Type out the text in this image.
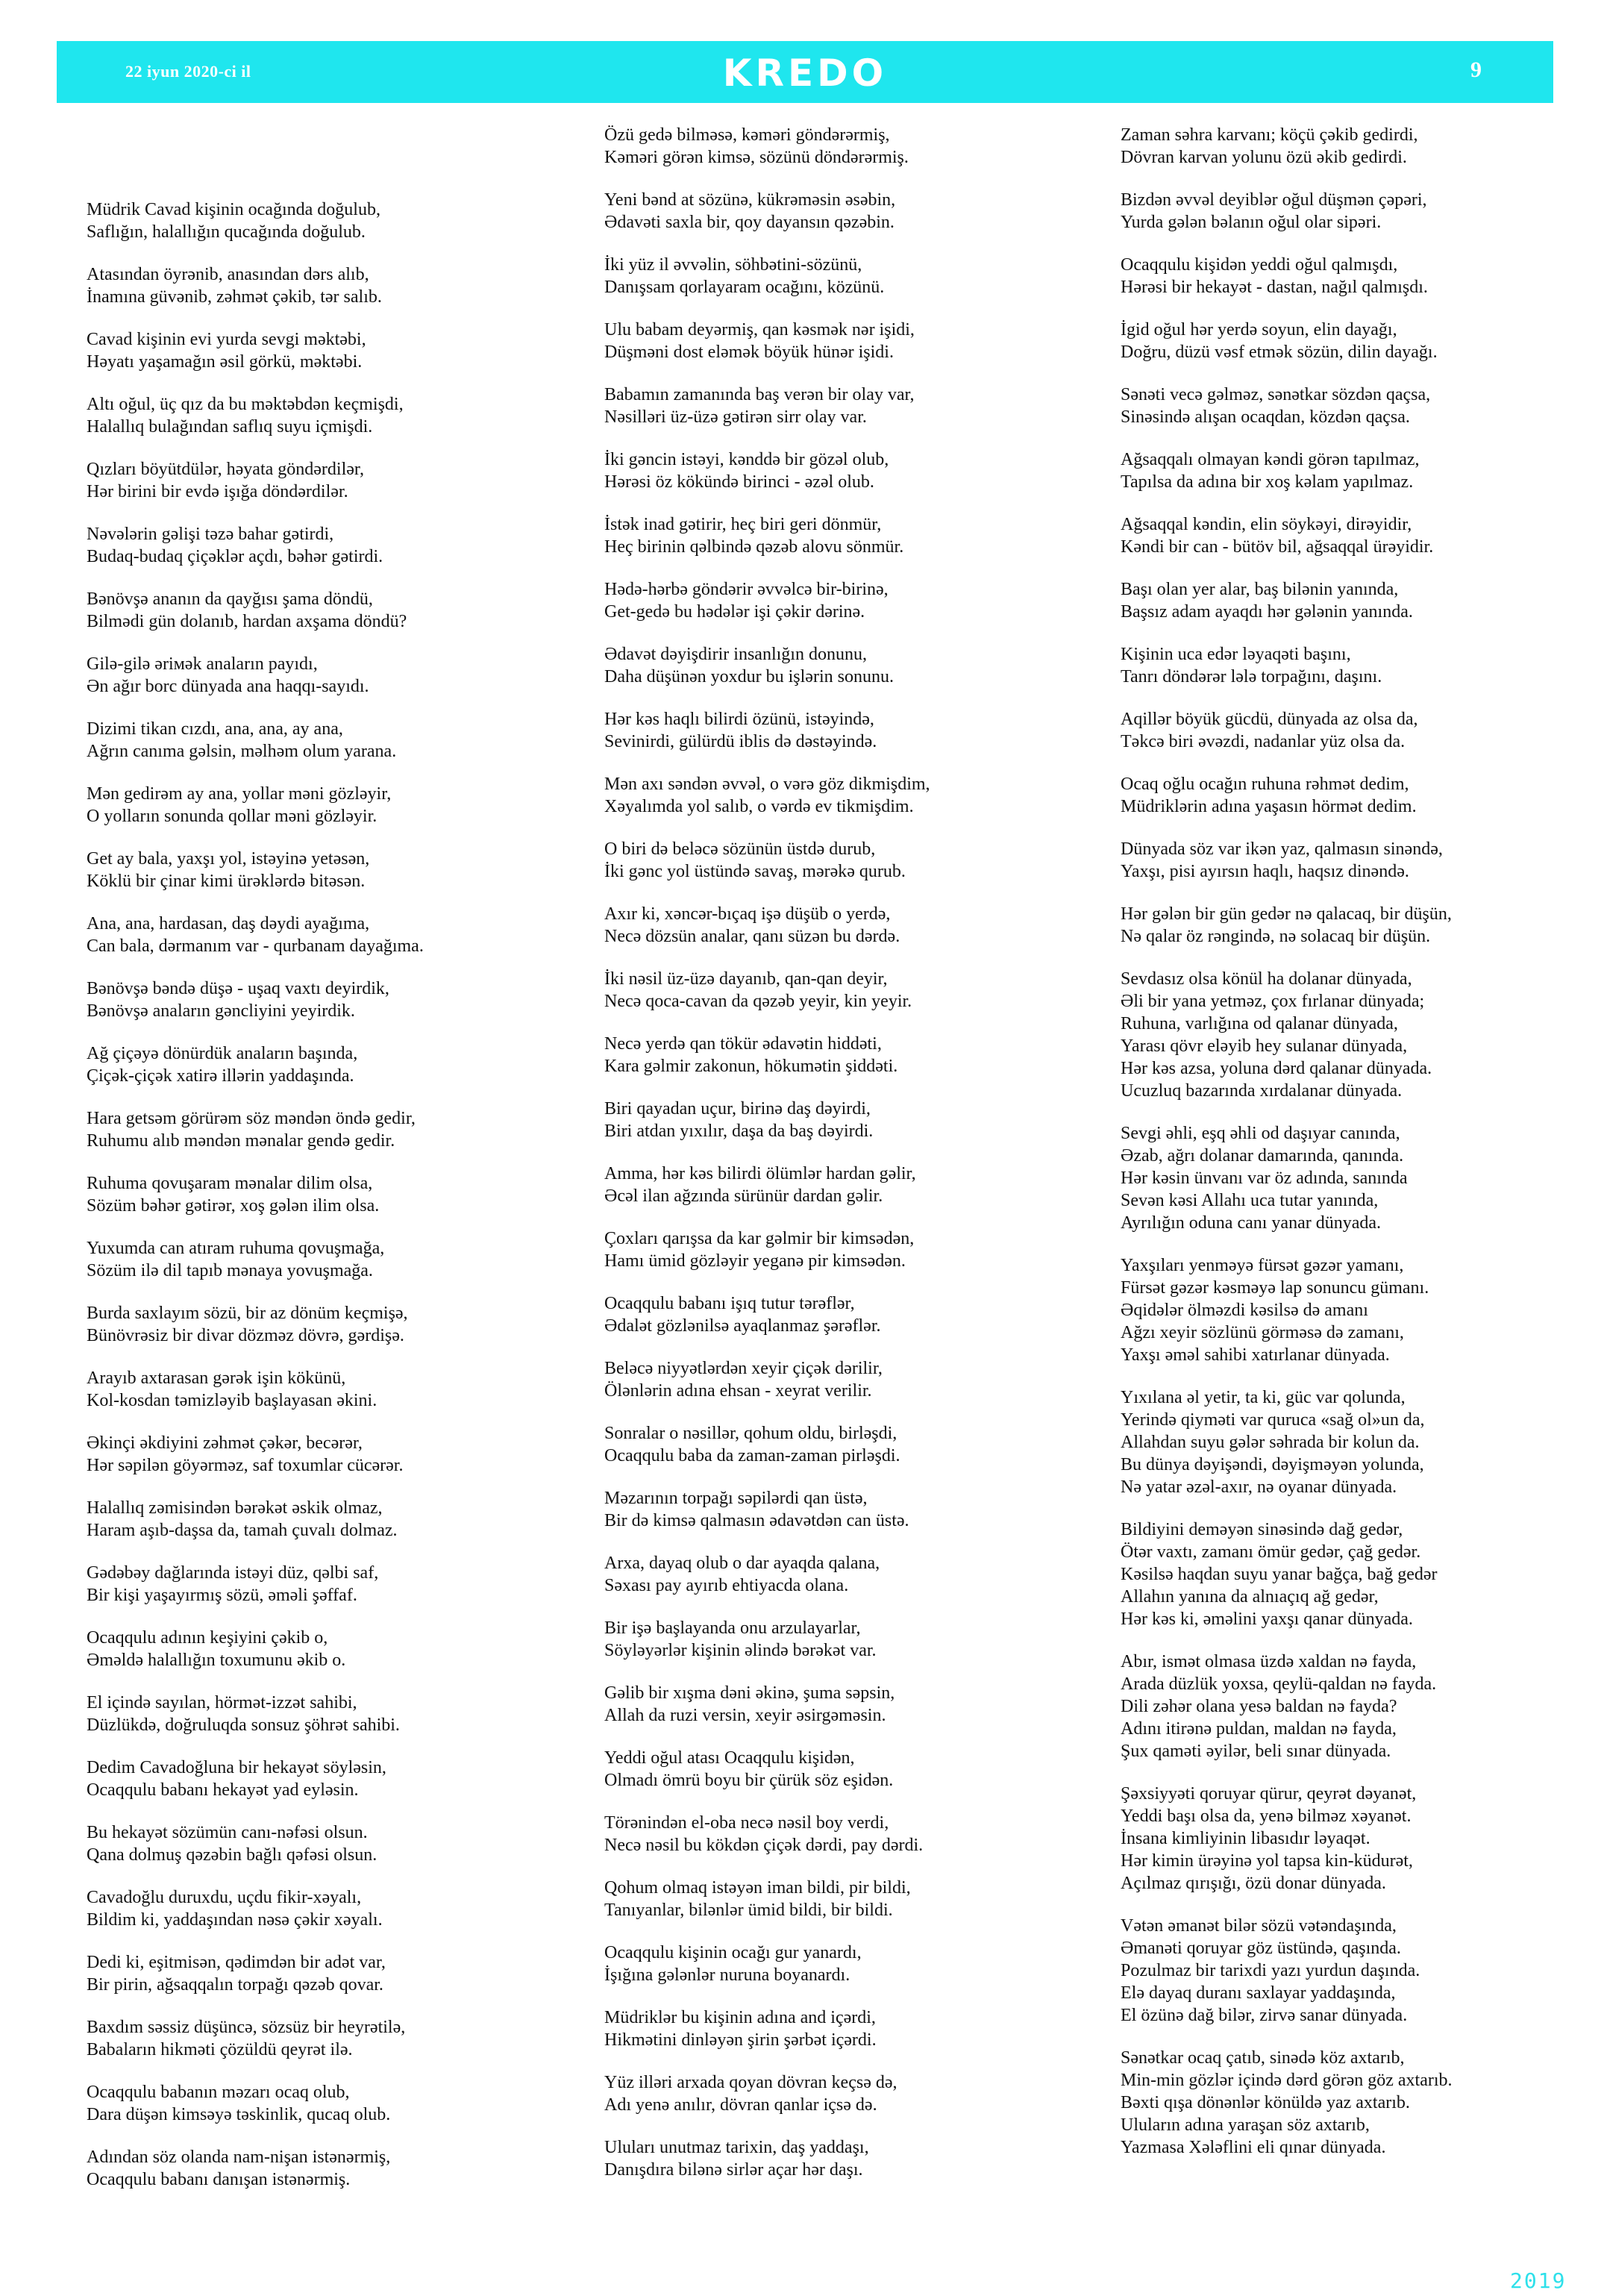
22 iyun 2020-ci il	KREDO	9
Müdrik Cavad kişinin ocağında doğulub,
Saflığın, halallığın qucağında doğulub.
Atasından öyrənib, anasından dərs alıb,
İnamına güvənib, zəhmət çəkib, tər salıb.
Cavad kişinin evi yurda sevgi məktəbi,
Həyatı yaşamağın əsil görkü, məktəbi.
Altı oğul, üç qız da bu məktəbdən keçmişdi,
Halallıq bulağından saflıq suyu içmişdi.
Qızları böyütdülər, həyata göndərdilər,
Hər birini bir evdə işığa döndərdilər.
Nəvələrin gəlişi təzə bahar gətirdi,
Budaq-budaq çiçəklər açdı, bəhər gətirdi.
Bənövşə ananın da qayğısı şama döndü,
Bilmədi gün dolanıb, hardan axşama döndü?
Gilə-gilə əriмək anaların payıdı,
Ən ağır borc dünyada ana haqqı-sayıdı.
Dizimi tikan cızdı, ana, ana, ay ana,
Ağrın canıma gəlsin, məlhəm olum yarana.
Mən gedirəm ay ana, yollar məni gözləyir,
O yolların sonunda qollar məni gözləyir.
Get ay bala, yaxşı yol, istəyinə yetəsən,
Köklü bir çinar kimi ürəklərdə bitəsən.
Ana, ana, hardasan, daş dəydi ayağıma,
Can bala, dərmanım var - qurbanam dayağıma.
Bənövşə bəndə düşə - uşaq vaxtı deyirdik,
Bənövşə anaların gəncliyini yeyirdik.
Ağ çiçəyə dönürdük anaların başında,
Çiçək-çiçək xatirə illərin yaddaşında.
Hara getsəm görürəm söz məndən öndə gedir,
Ruhumu alıb məndən mənalar gendə gedir.
Ruhuma qovuşaram mənalar dilim olsa,
Sözüm bəhər gətirər, xoş gələn ilim olsa.
Yuxumda can atıram ruhuma qovuşmağa,
Sözüm ilə dil tapıb mənaya yovuşmağa.
Burda saxlayım sözü, bir az dönüm keçmişə,
Bünövrəsiz bir divar dözməz dövrə, gərdişə.
Arayıb axtarasan gərək işin kökünü,
Kol-kosdan təmizləyib başlayasan əkini.
Əkinçi əkdiyini zəhmət çəkər, becərər,
Hər səpilən göyərməz, saf toxumlar cücərər.
Halallıq zəmisindən bərəkət əskik olmaz,
Haram aşıb-daşsa da, tamah çuvalı dolmaz.
Gədəbəy dağlarında istəyi düz, qəlbi saf,
Bir kişi yaşayırmış sözü, əməli şəffaf.
Ocaqqulu adının keşiyini çəkib o,
Əməldə halallığın toxumunu əkib o.
El içində sayılan, hörmət-izzət sahibi,
Düzlükdə, doğruluqda sonsuz şöhrət sahibi.
Dedim Cavadoğluna bir hekayət söyləsin,
Ocaqqulu babanı hekayət yad eyləsin.
Bu hekayət sözümün canı-nəfəsi olsun.
Qana dolmuş qəzəbin bağlı qəfəsi olsun.
Cavadoğlu duruxdu, uçdu fikir-xəyalı,
Bildim ki, yaddaşından nəsə çəkir xəyalı.
Dedi ki, eşitmisən, qədimdən bir adət var,
Bir pirin, ağsaqqalın torpağı qəzəb qovar.
Baxdım səssiz düşüncə, sözsüz bir heyrətilə,
Babaların hikməti çözüldü qeyrət ilə.
Ocaqqulu babanın məzarı ocaq olub,
Dara düşən kimsəyə təskinlik, qucaq olub.
Adından söz olanda nam-nişan istənərmiş,
Ocaqqulu babanı danışan istənərmiş.
Özü gedə bilməsə, kəməri göndərərmiş,
Kəməri görən kimsə, sözünü döndərərmiş.
Yeni bənd at sözünə, kükrəməsin əsəbin,
Ədavəti saxla bir, qoy dayansın qəzəbin.
İki yüz il əvvəlin, söhbətini-sözünü,
Danışsam qorlayaram ocağını, közünü.
Ulu babam deyərmiş, qan kəsmək nər işidi,
Düşməni dost eləmək böyük hünər işidi.
Babamın zamanında baş verən bir olay var,
Nəsilləri üz-üzə gətirən sirr olay var.
İki gəncin istəyi, kənddə bir gözəl olub,
Hərəsi öz kökündə birinci - əzəl olub.
İstək inad gətirir, heç biri geri dönmür,
Heç birinin qəlbində qəzəb alovu sönmür.
Hədə-hərbə göndərir əvvəlcə bir-birinə,
Get-gedə bu hədələr işi çəkir dərinə.
Ədavət dəyişdirir insanlığın donunu,
Daha düşünən yoxdur bu işlərin sonunu.
Hər kəs haqlı bilirdi özünü, istəyində,
Sevinirdi, gülürdü iblis də dəstəyində.
Mən axı səndən əvvəl, o vərə göz dikmişdim,
Xəyalımda yol salıb, o vərdə ev tikmişdim.
O biri də beləcə sözünün üstdə durub,
İki gənc yol üstündə savaş, mərəkə qurub.
Axır ki, xəncər-bıçaq işə düşüb o yerdə,
Necə dözsün analar, qanı süzən bu dərdə.
İki nəsil üz-üzə dayanıb, qan-qan deyir,
Necə qoca-cavan da qəzəb yeyir, kin yeyir.
Necə yerdə qan tökür ədavətin hiddəti,
Kara gəlmir zakonun, hökumətin şiddəti.
Biri qayadan uçur, birinə daş dəyirdi,
Biri atdan yıxılır, daşa da baş dəyirdi.
Amma, hər kəs bilirdi ölümlər hardan gəlir,
Əcəl ilan ağzında sürünür dardan gəlir.
Çoxları qarışsa da kar gəlmir bir kimsədən,
Hamı ümid gözləyir yeganə pir kimsədən.
Ocaqqulu babanı işıq tutur tərəflər,
Ədalət gözlənilsə ayaqlanmaz şərəflər.
Beləcə niyyətlərdən xeyir çiçək dərilir,
Ölənlərin adına ehsan - xeyrat verilir.
Sonralar o nəsillər, qohum oldu, birləşdi,
Ocaqqulu baba da zaman-zaman pirləşdi.
Məzarının torpağı səpilərdi qan üstə,
Bir də kimsə qalmasın ədavətdən can üstə.
Arxa, dayaq olub o dar ayaqda qalana,
Səxası pay ayırıb ehtiyacda olana.
Bir işə başlayanda onu arzulayarlar,
Söyləyərlər kişinin əlində bərəkət var.
Gəlib bir xışma dəni əkinə, şuma səpsin,
Allah da ruzi versin, xeyir əsirgəməsin.
Yeddi oğul atası Ocaqqulu kişidən,
Olmadı ömrü boyu bir çürük söz eşidən.
Törənindən el-oba necə nəsil boy verdi,
Necə nəsil bu kökdən çiçək dərdi, pay dərdi.
Qohum olmaq istəyən iman bildi, pir bildi,
Tanıyanlar, bilənlər ümid bildi, bir bildi.
Ocaqqulu kişinin ocağı gur yanardı,
İşığına gələnlər nuruna boyanardı.
Müdriklər bu kişinin adına and içərdi,
Hikmətini dinləyən şirin şərbət içərdi.
Yüz illəri arxada qoyan dövran keçsə də,
Adı yenə anılır, dövran qanlar içsə də.
Uluları unutmaz tarixin, daş yaddaşı,
Danışdıra bilənə sirlər açar hər daşı.
Zaman səhra karvanı; köçü çəkib gedirdi,
Dövran karvan yolunu özü əkib gedirdi.
Bizdən əvvəl deyiblər oğul düşmən çəpəri,
Yurda gələn bəlanın oğul olar sipəri.
Ocaqqulu kişidən yeddi oğul qalmışdı,
Hərəsi bir hekayət - dastan, nağıl qalmışdı.
İgid oğul hər yerdə soyun, elin dayağı,
Doğru, düzü vəsf etmək sözün, dilin dayağı.
Sənəti vecə gəlməz, sənətkar sözdən qaçsa,
Sinəsində alışan ocaqdan, közdən qaçsa.
Ağsaqqalı olmayan kəndi görən tapılmaz,
Tapılsa da adına bir xoş kəlam yapılmaz.
Ağsaqqal kəndin, elin söykəyi, dirəyidir,
Kəndi bir can - bütöv bil, ağsaqqal ürəyidir.
Başı olan yer alar, baş bilənin yanında,
Başsız adam ayaqdı hər gələnin yanında.
Kişinin uca edər ləyaqəti başını,
Tanrı döndərər lələ torpağını, daşını.
Aqillər böyük gücdü, dünyada az olsa da,
Təkcə biri əvəzdi, nadanlar yüz olsa da.
Ocaq oğlu ocağın ruhuna rəhmət dedim,
Müdriklərin adına yaşasın hörmət dedim.
Dünyada söz var ikən yaz, qalmasın sinəndə,
Yaxşı, pisi ayırsın haqlı, haqsız dinəndə.
Hər gələn bir gün gedər nə qalacaq, bir düşün,
Nə qalar öz rəngində, nə solacaq bir düşün.
Sevdasız olsa könül ha dolanar dünyada,
Əli bir yana yetməz, çox fırlanar dünyada;
Ruhuna, varlığına od qalanar dünyada,
Yarası qövr eləyib hey sulanar dünyada,
Hər kəs azsa, yoluna dərd qalanar dünyada.
Ucuzluq bazarında xırdalanar dünyada.
Sevgi əhli, eşq əhli od daşıyar canında,
Əzab, ağrı dolanar damarında, qanında.
Hər kəsin ünvanı var öz adında, sanında
Sevən kəsi Allahı uca tutar yanında,
Ayrılığın oduna canı yanar dünyada.
Yaxşıları yenməyə fürsət gəzər yamanı,
Fürsət gəzər kəsməyə lap sonuncu gümanı.
Əqidələr ölməzdi kəsilsə də amanı
Ağzı xeyir sözlünü görməsə də zamanı,
Yaxşı əməl sahibi xatırlanar dünyada.
Yıxılana əl yetir, ta ki, güc var qolunda,
Yerində qiyməti var quruca «sağ ol»un da,
Allahdan suyu gələr səhrada bir kolun da.
Bu dünya dəyişəndi, dəyişməyən yolunda,
Nə yatar əzəl-axır, nə oyanar dünyada.
Bildiyini deməyən sinəsində dağ gedər,
Ötər vaxtı, zamanı ömür gedər, çağ gedər.
Kəsilsə haqdan suyu yanar bağça, bağ gedər
Allahın yanına da alnıaçıq ağ gedər,
Hər kəs ki, əməlini yaxşı qanar dünyada.
Abır, ismət olmasa üzdə xaldan nə fayda,
Arada düzlük yoxsa, qeylü-qaldan nə fayda.
Dili zəhər olana yesə baldan nə fayda?
Adını itirənə puldan, maldan nə fayda,
Şux qaməti əyilər, beli sınar dünyada.
Şəxsiyyəti qoruyar qürur, qeyrət dəyanət,
Yeddi başı olsa da, yenə bilməz xəyanət.
İnsana kimliyinin libasıdır ləyaqət.
Hər kimin ürəyinə yol tapsa kin-küdurət,
Açılmaz qırışığı, özü donar dünyada.
Vətən əmanət bilər sözü vətəndaşında,
Əmanəti qoruyar göz üstündə, qaşında.
Pozulmaz bir tarixdi yazı yurdun daşında.
Elə dayaq duranı saxlayar yaddaşında,
El özünə dağ bilər, zirvə sanar dünyada.
Sənətkar ocaq çatıb, sinədə köz axtarıb,
Min-min gözlər içində dərd görən göz axtarıb.
Bəxti qışa dönənlər könüldə yaz axtarıb.
Uluların adına yaraşan söz axtarıb,
Yazmasa Xələflini eli qınar dünyada.
2019
